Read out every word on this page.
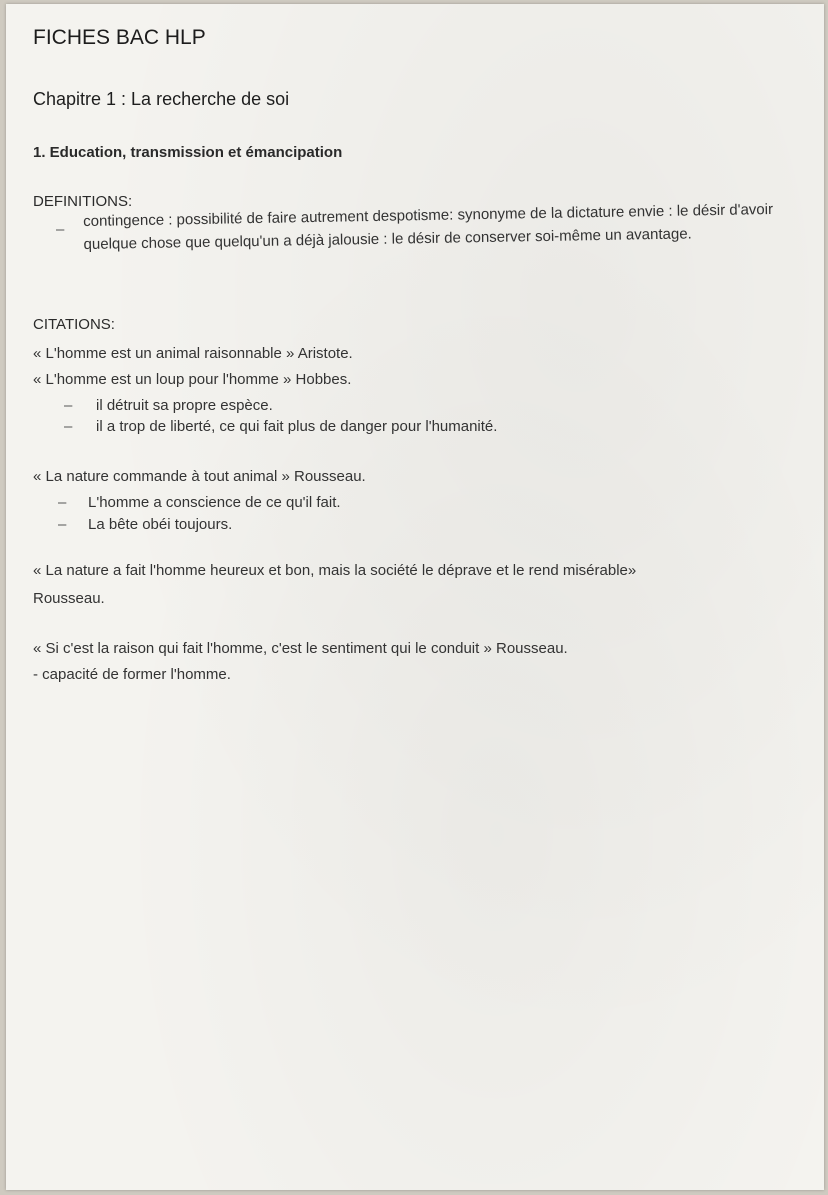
FICHES BAC HLP
Chapitre 1 : La recherche de soi
1. Education, transmission et émancipation
DEFINITIONS:
– contingence : possibilité de faire autrement despotisme: synonyme de la dictature envie : le désir d'avoir quelque chose que quelqu'un a déjà jalousie : le désir de conserver soi-même un avantage.
CITATIONS:
« L'homme est un animal raisonnable » Aristote.
« L'homme est un loup pour l'homme » Hobbes.
– il détruit sa propre espèce.
– il a trop de liberté, ce qui fait plus de danger pour l'humanité.
« La nature commande à tout animal » Rousseau.
– L'homme a conscience de ce qu'il fait.
– La bête obéi toujours.
« La nature a fait l'homme heureux et bon, mais la société le déprave et le rend misérable»
Rousseau.
« Si c'est la raison qui fait l'homme, c'est le sentiment qui le conduit » Rousseau.
- capacité de former l'homme.
